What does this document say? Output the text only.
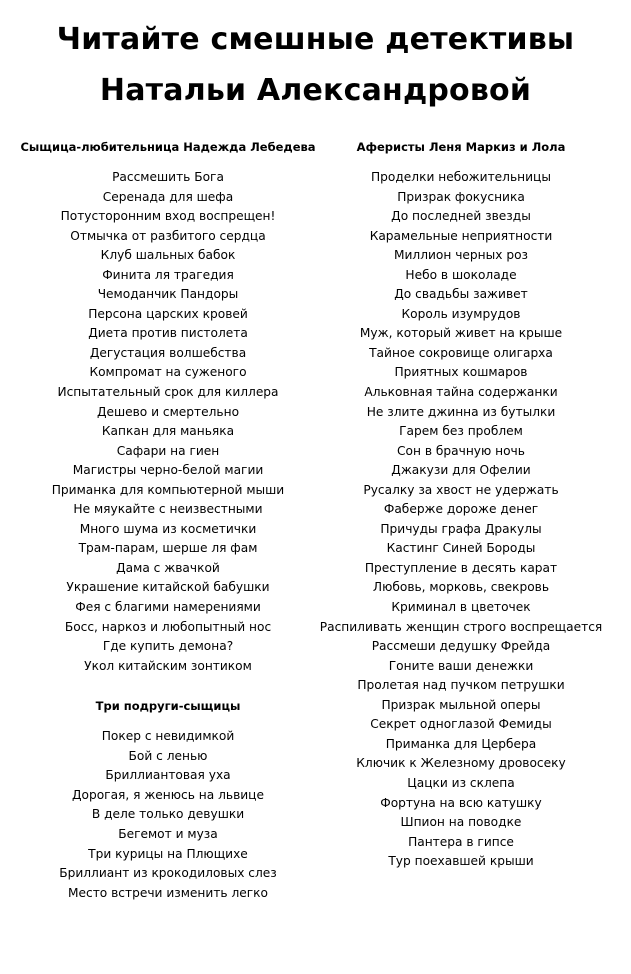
Читайте смешные детективы
Натальи Александровой
Сыщица-любительница Надежда Лебедева
Рассмешить Бога
Серенада для шефа
Потусторонним вход воспрещен!
Отмычка от разбитого сердца
Клуб шальных бабок
Финита ля трагедия
Чемоданчик Пандоры
Персона царских кровей
Диета против пистолета
Дегустация волшебства
Компромат на суженого
Испытательный срок для киллера
Дешево и смертельно
Капкан для маньяка
Сафари на гиен
Магистры черно-белой магии
Приманка для компьютерной мыши
Не мяукайте с неизвестными
Много шума из косметички
Трам-парам, шерше ля фам
Дама с жвачкой
Украшение китайской бабушки
Фея с благими намерениями
Босс, наркоз и любопытный нос
Где купить демона?
Укол китайским зонтиком
Три подруги-сыщицы
Покер с невидимкой
Бой с ленью
Бриллиантовая уха
Дорогая, я женюсь на львице
В деле только девушки
Бегемот и муза
Три курицы на Плющихе
Бриллиант из крокодиловых слез
Место встречи изменить легко
Аферисты Леня Маркиз и Лола
Проделки небожительницы
Призрак фокусника
До последней звезды
Карамельные неприятности
Миллион черных роз
Небо в шоколаде
До свадьбы заживет
Король изумрудов
Муж, который живет на крыше
Тайное сокровище олигарха
Приятных кошмаров
Альковная тайна содержанки
Не злите джинна из бутылки
Гарем без проблем
Сон в брачную ночь
Джакузи для Офелии
Русалку за хвост не удержать
Фаберже дороже денег
Причуды графа Дракулы
Кастинг Синей Бороды
Преступление в десять карат
Любовь, морковь, свекровь
Криминал в цветочек
Распиливать женщин строго воспрещается
Рассмеши дедушку Фрейда
Гоните ваши денежки
Пролетая над пучком петрушки
Призрак мыльной оперы
Секрет одноглазой Фемиды
Приманка для Цербера
Ключик к Железному дровосеку
Цацки из склепа
Фортуна на всю катушку
Шпион на поводке
Пантера в гипсе
Тур поехавшей крыши
